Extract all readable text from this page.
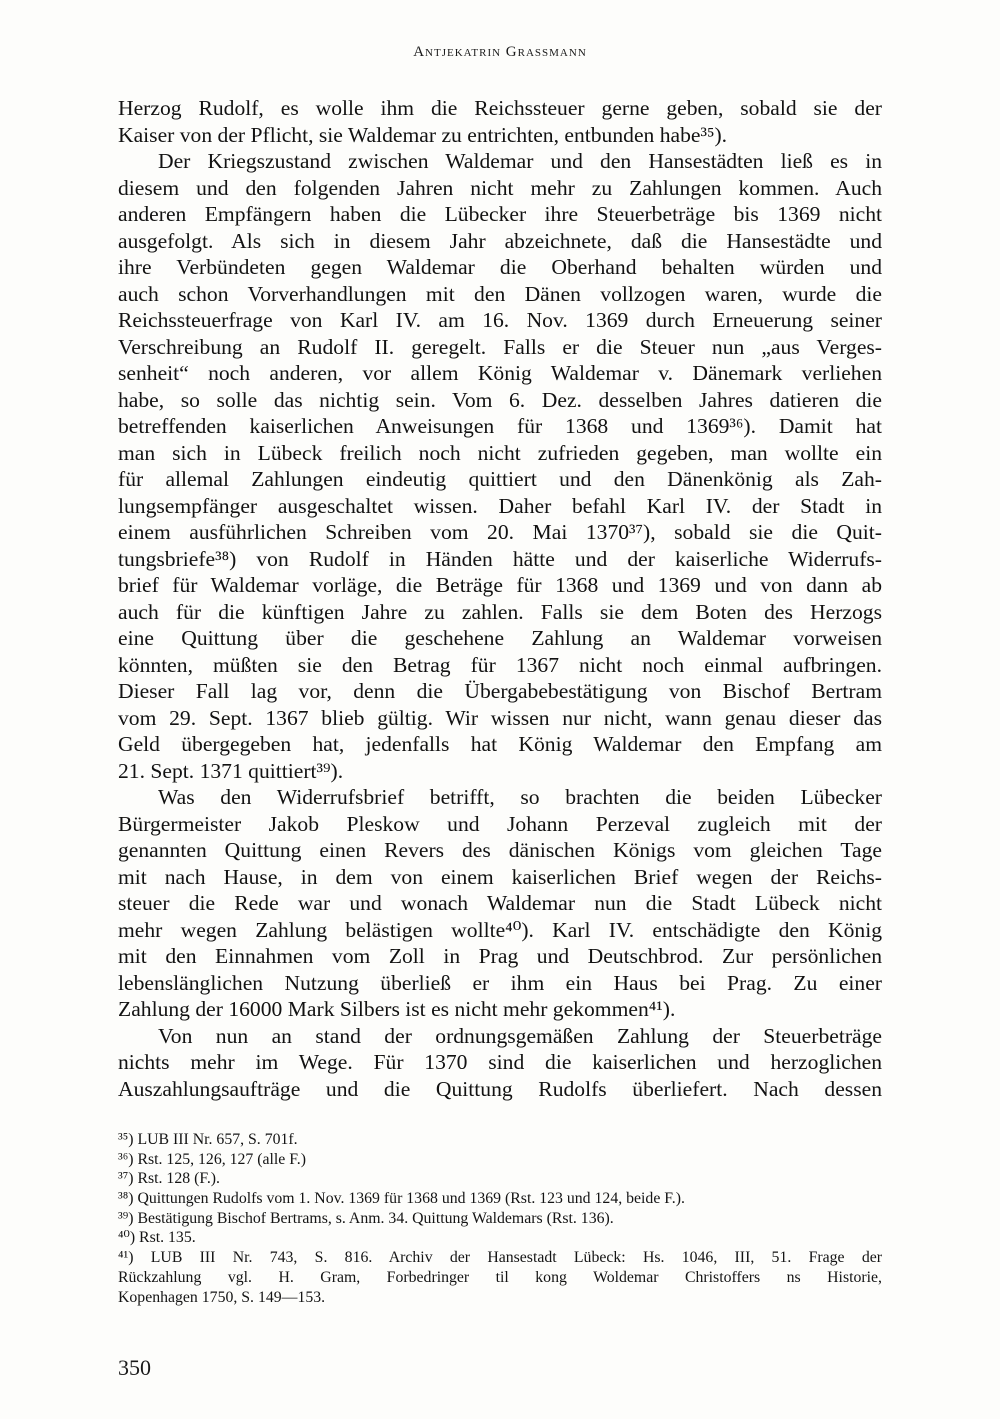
Antjekatrin Grassmann
Herzog Rudolf, es wolle ihm die Reichssteuer gerne geben, sobald sie der
Kaiser von der Pflicht, sie Waldemar zu entrichten, entbunden habe³⁵).
Der Kriegszustand zwischen Waldemar und den Hansestädten ließ es in
diesem und den folgenden Jahren nicht mehr zu Zahlungen kommen. Auch
anderen Empfängern haben die Lübecker ihre Steuerbeträge bis 1369 nicht
ausgefolgt. Als sich in diesem Jahr abzeichnete, daß die Hansestädte und
ihre Verbündeten gegen Waldemar die Oberhand behalten würden und
auch schon Vorverhandlungen mit den Dänen vollzogen waren, wurde die
Reichssteuerfrage von Karl IV. am 16. Nov. 1369 durch Erneuerung seiner
Verschreibung an Rudolf II. geregelt. Falls er die Steuer nun „aus Verges-
senheit“ noch anderen, vor allem König Waldemar v. Dänemark verliehen
habe, so solle das nichtig sein. Vom 6. Dez. desselben Jahres datieren die
betreffenden kaiserlichen Anweisungen für 1368 und 1369³⁶). Damit hat
man sich in Lübeck freilich noch nicht zufrieden gegeben, man wollte ein
für allemal Zahlungen eindeutig quittiert und den Dänenkönig als Zah-
lungsempfänger ausgeschaltet wissen. Daher befahl Karl IV. der Stadt in
einem ausführlichen Schreiben vom 20. Mai 1370³⁷), sobald sie die Quit-
tungsbriefe³⁸) von Rudolf in Händen hätte und der kaiserliche Widerrufs-
brief für Waldemar vorläge, die Beträge für 1368 und 1369 und von dann ab
auch für die künftigen Jahre zu zahlen. Falls sie dem Boten des Herzogs
eine Quittung über die geschehene Zahlung an Waldemar vorweisen
könnten, müßten sie den Betrag für 1367 nicht noch einmal aufbringen.
Dieser Fall lag vor, denn die Übergabebestätigung von Bischof Bertram
vom 29. Sept. 1367 blieb gültig. Wir wissen nur nicht, wann genau dieser das
Geld übergegeben hat, jedenfalls hat König Waldemar den Empfang am
21. Sept. 1371 quittiert³⁹).
Was den Widerrufsbrief betrifft, so brachten die beiden Lübecker
Bürgermeister Jakob Pleskow und Johann Perzeval zugleich mit der
genannten Quittung einen Revers des dänischen Königs vom gleichen Tage
mit nach Hause, in dem von einem kaiserlichen Brief wegen der Reichs-
steuer die Rede war und wonach Waldemar nun die Stadt Lübeck nicht
mehr wegen Zahlung belästigen wollte⁴⁰). Karl IV. entschädigte den König
mit den Einnahmen vom Zoll in Prag und Deutschbrod. Zur persönlichen
lebenslänglichen Nutzung überließ er ihm ein Haus bei Prag. Zu einer
Zahlung der 16000 Mark Silbers ist es nicht mehr gekommen⁴¹).
Von nun an stand der ordnungsgemäßen Zahlung der Steuerbeträge
nichts mehr im Wege. Für 1370 sind die kaiserlichen und herzoglichen
Auszahlungsaufträge und die Quittung Rudolfs überliefert. Nach dessen
³⁵) LUB III Nr. 657, S. 701f.
³⁶) Rst. 125, 126, 127 (alle F.)
³⁷) Rst. 128 (F.).
³⁸) Quittungen Rudolfs vom 1. Nov. 1369 für 1368 und 1369 (Rst. 123 und 124, beide F.).
³⁹) Bestätigung Bischof Bertrams, s. Anm. 34. Quittung Waldemars (Rst. 136).
⁴⁰) Rst. 135.
⁴¹) LUB III Nr. 743, S. 816. Archiv der Hansestadt Lübeck: Hs. 1046, III, 51. Frage der
Rückzahlung vgl. H. Gram, Forbedringer til kong Woldemar Christoffers ns Historie,
Kopenhagen 1750, S. 149—153.
350
